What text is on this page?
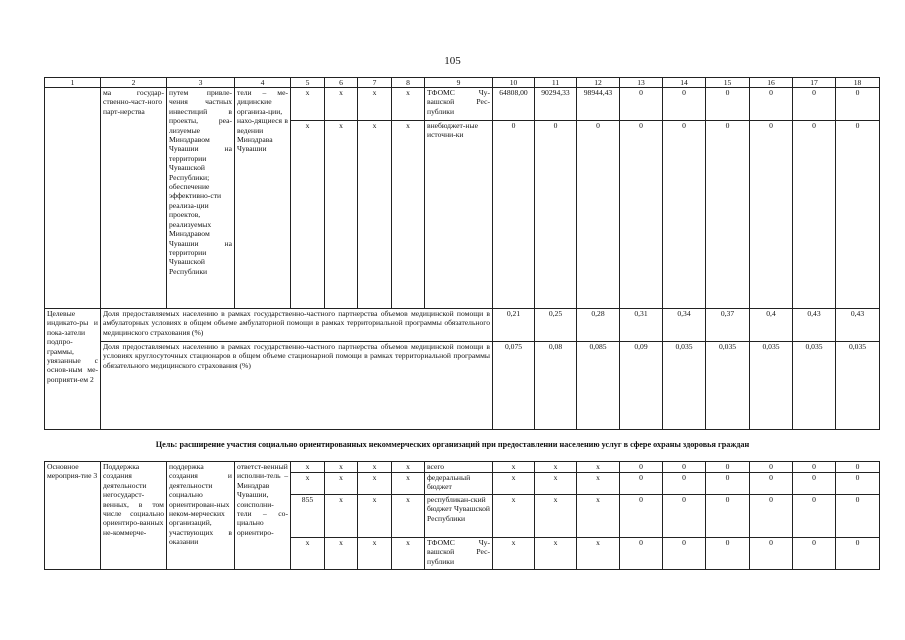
105
1	2	3	4	5	6	7	8	9	10	11	12	13	14	15	16	17	18
	ма государ-ственно-част-ного парт-нерства	путем привле-чения частных инвестиций в проекты, реа-лизуемые Минздравом Чувашии на территории Чувашской Республики; обеспечение эффективно-сти реализа-ции проектов, реализуемых Минздравом Чувашии на территории Чувашской Республики	тели – ме-дицинские организа-ции, нахо-дящиеся в ведении Минздрава Чувашии	x	x	x	x	ТФОМС Чу-вашской Рес-публики	64808,00	90294,33	98944,43	0	0	0	0	0	0
				x	x	x	x	внебюджет-ные источни-ки	0	0	0	0	0	0	0	0	0
Целевые индикато-ры и пока-затели подпро-граммы, увязанные с основ-ным ме-роприяти-ем 2	Доля предоставляемых населению в рамках государственно-частного партнерства объемов медицинской помощи в амбулаторных условиях в общем объеме амбулаторной помощи в рамках территориальной программы обязательного медицинского страхования (%)								0,21	0,25	0,28	0,31	0,34	0,37	0,4	0,43	0,43
	Доля предоставляемых населению в рамках государственно-частного партнерства объемов медицинской помощи в условиях круглосуточных стационаров в общем объеме стационарной помощи в рамках территориальной программы обязательного медицинского страхования (%)								0,075	0,08	0,085	0,09	0,035	0,035	0,035	0,035	0,035
Цель: расширение участия социально ориентированных некоммерческих организаций при предоставлении населению услуг в сфере охраны здоровья граждан
Основное мероприя-тие 3	Поддержка создания деятельности негосударст-венных, в том числе социально ориентиро-ванных не-коммерче-	поддержка создания и деятельности социально ориентирован-ных неком-мерческих организаций, участвующих в оказании	ответст-венный исполни-тель – Минздрав Чувашии, соисполни-тели – со-циально ориентиро-	x	x	x	x	всего	x	x	x	0	0	0	0	0	0
				x	x	x	x	федеральный бюджет	x	x	x	0	0	0	0	0	0
				855	x	x	x	республикан-ский бюджет Чувашской Республики	x	x	x	0	0	0	0	0	0
				x	x	x	x	ТФОМС Чу-вашской Рес-публики	x	x	x	0	0	0	0	0	0
